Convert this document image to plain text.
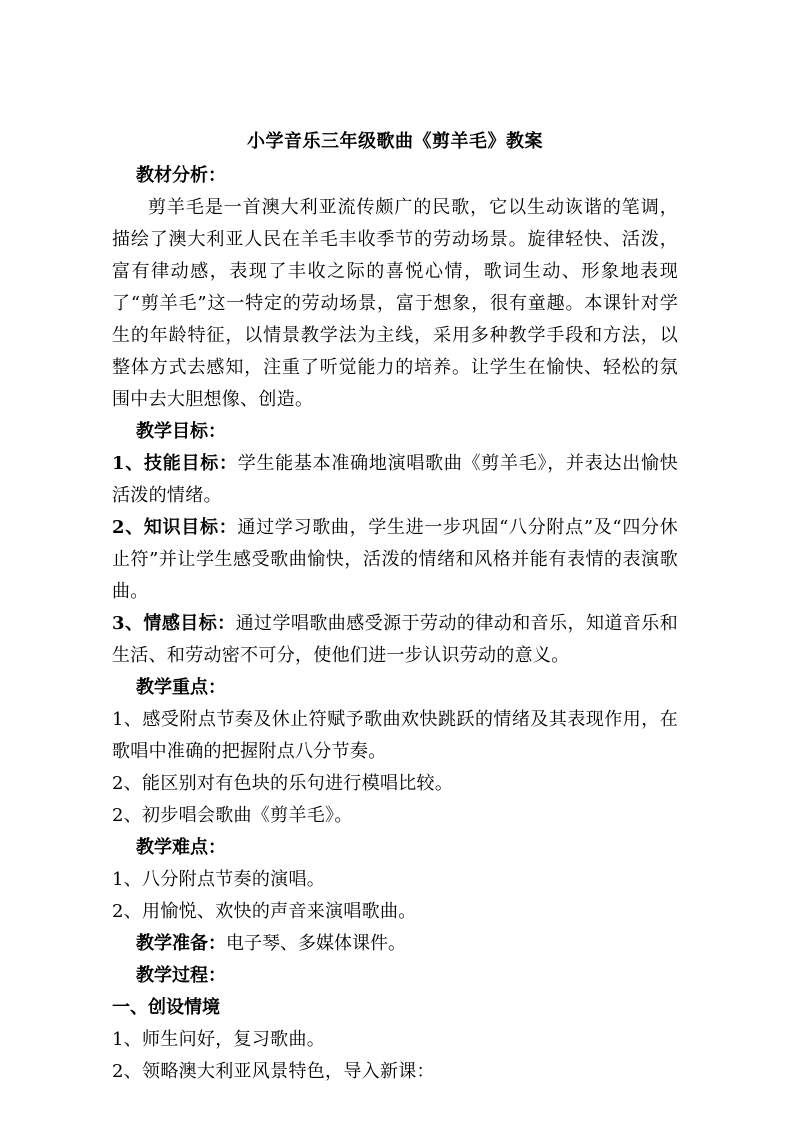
小学音乐三年级歌曲《剪羊毛》教案
教材分析：
剪羊毛是一首澳大利亚流传颇广的民歌，它以生动诙谐的笔调，描绘了澳大利亚人民在羊毛丰收季节的劳动场景。旋律轻快、活泼，富有律动感，表现了丰收之际的喜悦心情，歌词生动、形象地表现了“剪羊毛”这一特定的劳动场景，富于想象，很有童趣。本课针对学生的年龄特征，以情景教学法为主线，采用多种教学手段和方法，以整体方式去感知，注重了听觉能力的培养。让学生在愉快、轻松的氛围中去大胆想像、创造。
教学目标：
1、技能目标：学生能基本准确地演唱歌曲《剪羊毛》，并表达出愉快活泼的情绪。
2、知识目标：通过学习歌曲，学生进一步巩固“八分附点”及“四分休止符”并让学生感受歌曲愉快，活泼的情绪和风格并能有表情的表演歌曲。
3、情感目标：通过学唱歌曲感受源于劳动的律动和音乐，知道音乐和生活、和劳动密不可分，使他们进一步认识劳动的意义。
教学重点：
1、感受附点节奏及休止符赋予歌曲欢快跳跃的情绪及其表现作用，在歌唱中准确的把握附点八分节奏。
2、能区别对有色块的乐句进行模唱比较。
2、初步唱会歌曲《剪羊毛》。
教学难点：
1、八分附点节奏的演唱。
2、用愉悦、欢快的声音来演唱歌曲。
教学准备：电子琴、多媒体课件。
教学过程：
一、创设情境
1、师生问好，复习歌曲。
2、领略澳大利亚风景特色，导入新课：
